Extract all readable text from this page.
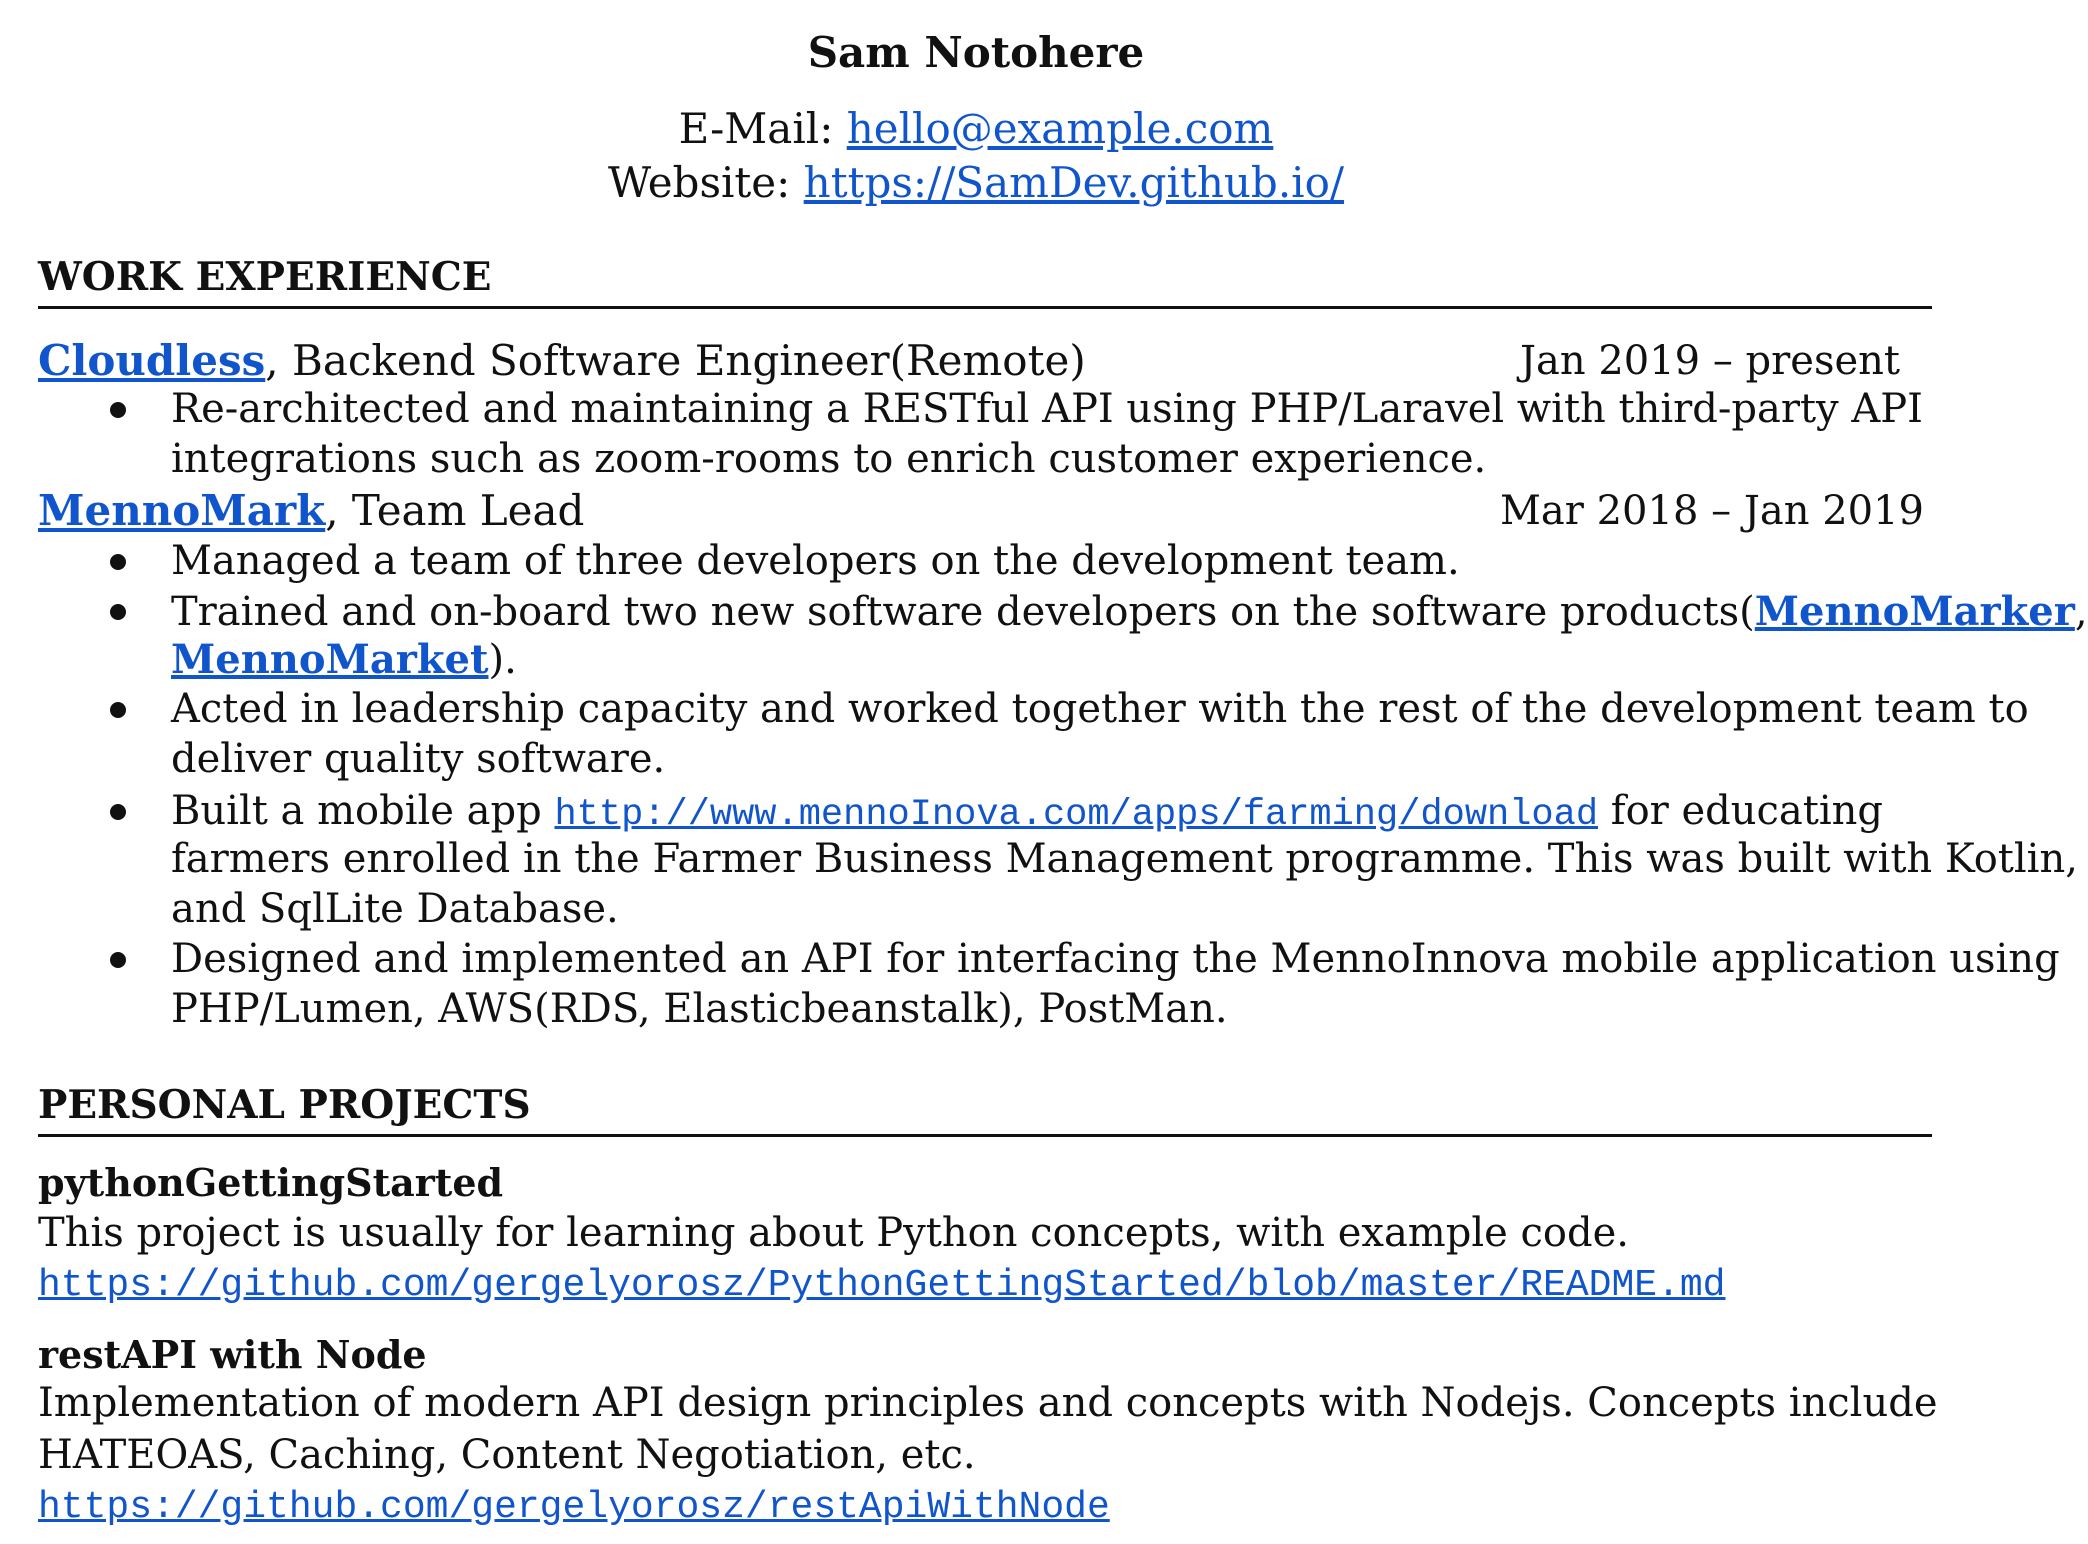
Sam Notohere
E-Mail: hello@example.com
Website: https://SamDev.github.io/
WORK EXPERIENCE
Cloudless, Backend Software Engineer(Remote)	Jan 2019 – present
Re-architected and maintaining a RESTful API using PHP/Laravel with third-party API
integrations such as zoom-rooms to enrich customer experience.
MennoMark, Team Lead	Mar 2018 – Jan 2019
Managed a team of three developers on the development team.
Trained and on-board two new software developers on the software products(MennoMarker,
MennoMarket).
Acted in leadership capacity and worked together with the rest of the development team to
deliver quality software.
Built a mobile app http://www.mennoInova.com/apps/farming/download for educating
farmers enrolled in the Farmer Business Management programme. This was built with Kotlin,
and SqlLite Database.
Designed and implemented an API for interfacing the MennoInnova mobile application using
PHP/Lumen, AWS(RDS, Elasticbeanstalk), PostMan.
PERSONAL PROJECTS
pythonGettingStarted
This project is usually for learning about Python concepts, with example code.
https://github.com/gergelyorosz/PythonGettingStarted/blob/master/README.md
restAPI with Node
Implementation of modern API design principles and concepts with Nodejs. Concepts include
HATEOAS, Caching, Content Negotiation, etc.
https://github.com/gergelyorosz/restApiWithNode
